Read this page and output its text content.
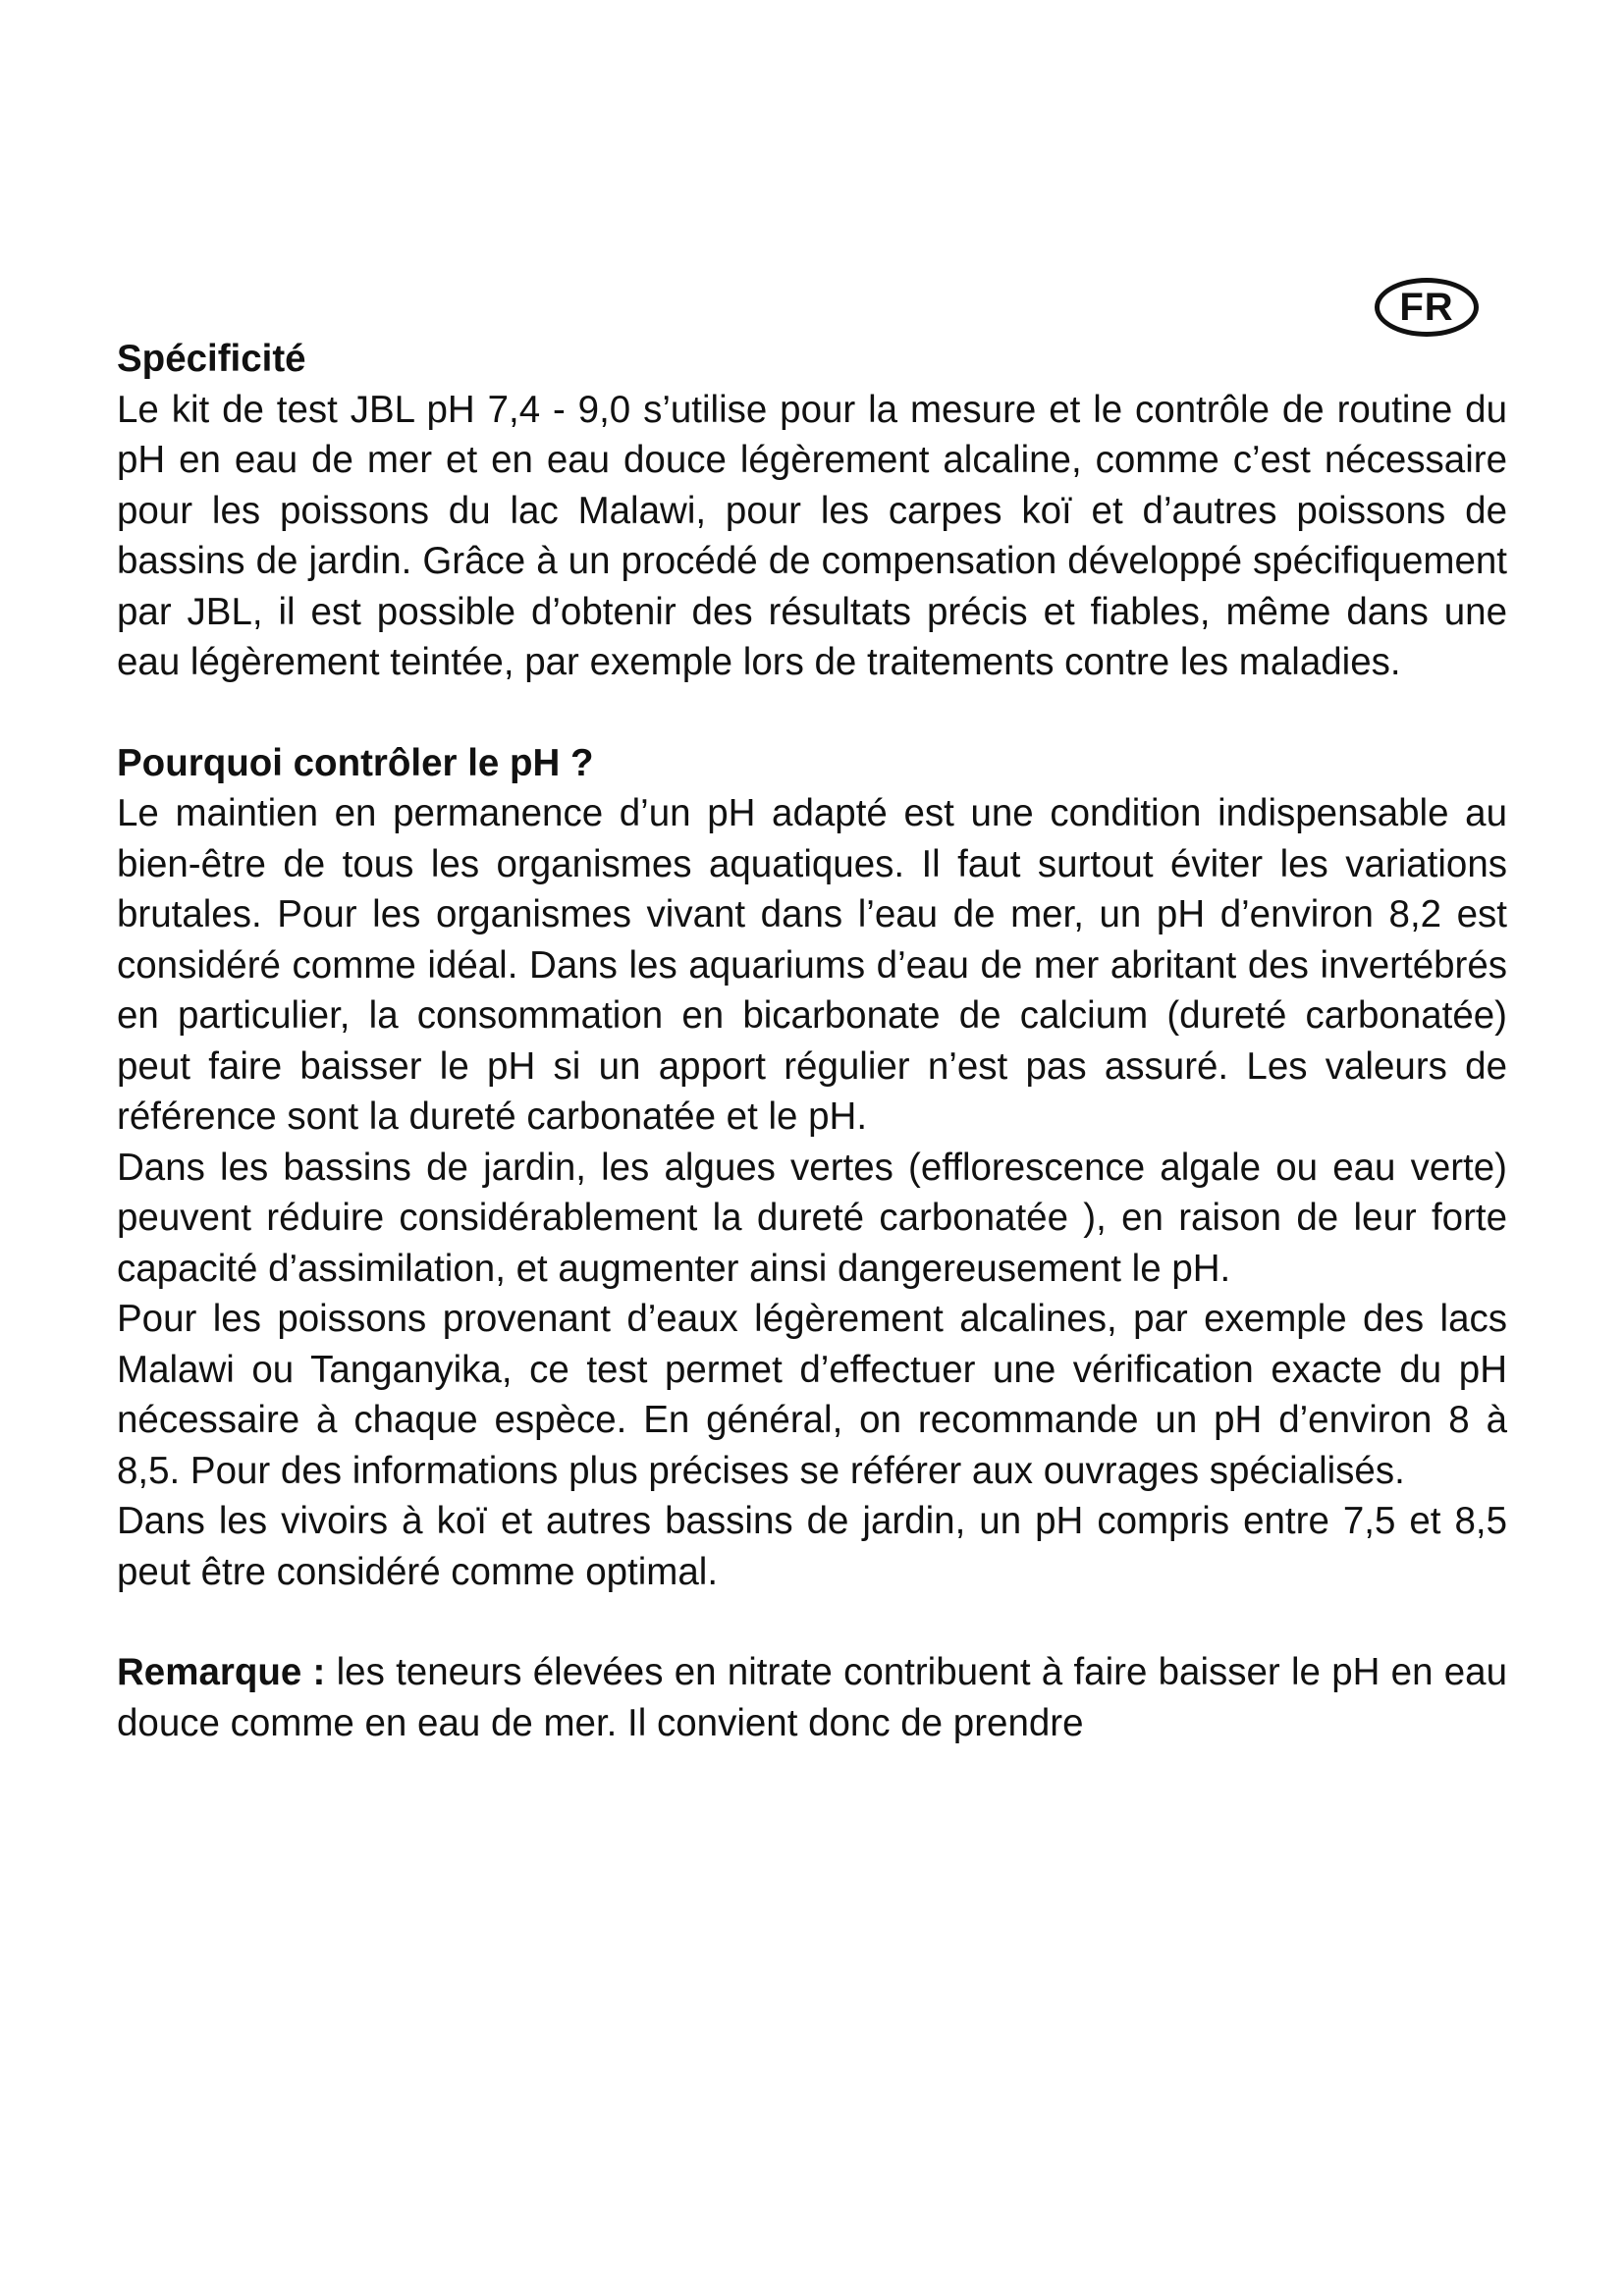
FR

Spécificité

Le kit de test JBL pH 7,4 - 9,0 s’utilise pour la mesure et le contrôle de routine du pH en eau de mer et en eau douce légèrement alcaline, comme c’est nécessaire pour les poissons du lac Malawi, pour les carpes koï et d’autres poissons de bassins de jardin. Grâce à un procédé de compensation développé spécifiquement par JBL, il est possible d’obtenir des résultats précis et fiables, même dans une eau légèrement teintée, par exemple lors de traitements contre les maladies.

Pourquoi contrôler le pH ?

Le maintien en permanence d’un pH adapté est une condition indispensable au bien-être de tous les organismes aquatiques. Il faut surtout éviter les variations brutales. Pour les organismes vivant dans l’eau de mer, un pH d’environ 8,2 est considéré comme idéal. Dans les aquariums d’eau de mer abritant des invertébrés en particulier, la consommation en bicarbonate de calcium (dureté carbonatée) peut faire baisser le pH si un apport régulier n’est pas assuré. Les valeurs de référence sont la dureté carbonatée et le pH.

Dans les bassins de jardin, les algues vertes (efflorescence algale ou eau verte) peuvent réduire considérablement la dureté carbonatée ), en raison de leur forte capacité d’assimilation, et augmenter ainsi dangereusement le pH.

Pour les poissons provenant d’eaux légèrement alcalines, par exemple des lacs Malawi ou Tanganyika, ce test permet d’effectuer une vérification exacte du pH nécessaire à chaque espèce. En général, on recommande un pH d’environ 8 à 8,5. Pour des informations plus précises se référer aux ouvrages spécialisés.

Dans les vivoirs à koï et autres bassins de jardin, un pH compris entre 7,5 et 8,5 peut être considéré comme optimal.

Remarque : les teneurs élevées en nitrate contribuent à faire baisser le pH en eau douce comme en eau de mer. Il convient donc de prendre
